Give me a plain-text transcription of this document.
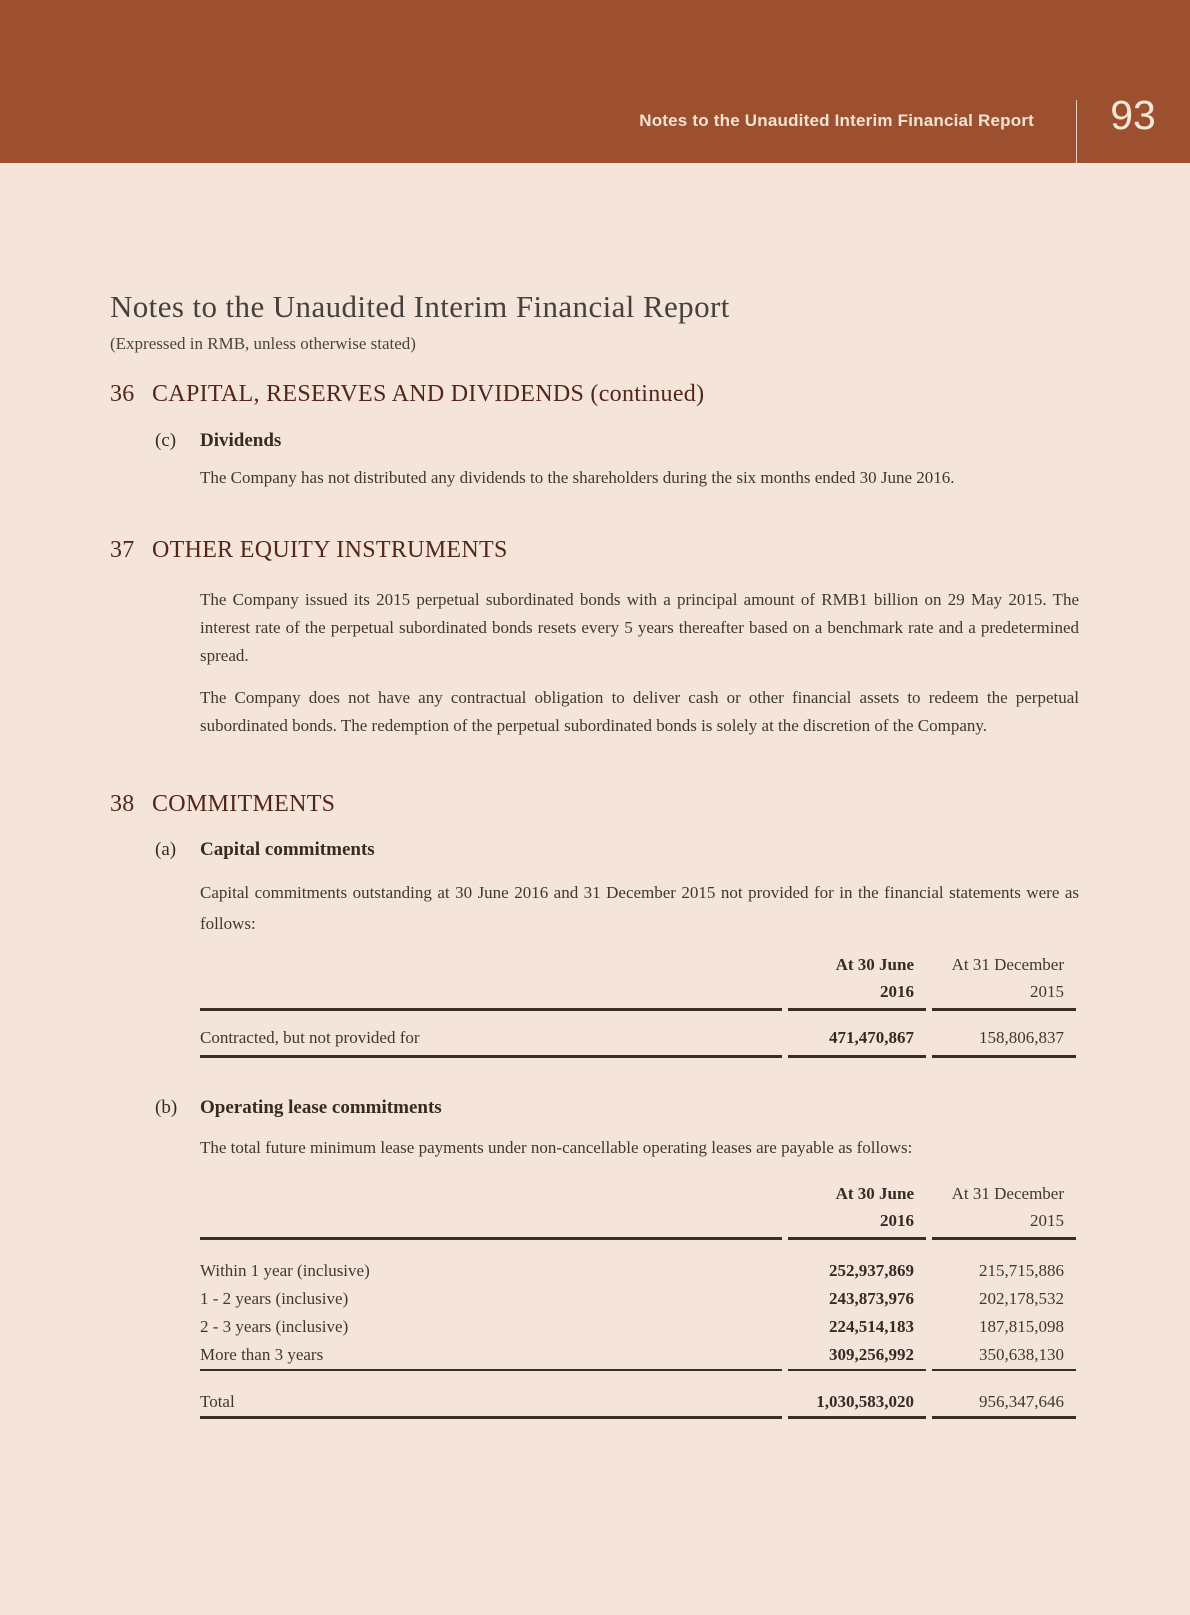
Notes to the Unaudited Interim Financial Report	93
Notes to the Unaudited Interim Financial Report
(Expressed in RMB, unless otherwise stated)
36 CAPITAL, RESERVES AND DIVIDENDS (continued)
(c)	Dividends
The Company has not distributed any dividends to the shareholders during the six months ended 30 June 2016.
37 OTHER EQUITY INSTRUMENTS
The Company issued its 2015 perpetual subordinated bonds with a principal amount of RMB1 billion on 29 May 2015. The interest rate of the perpetual subordinated bonds resets every 5 years thereafter based on a benchmark rate and a predetermined spread.
The Company does not have any contractual obligation to deliver cash or other financial assets to redeem the perpetual subordinated bonds. The redemption of the perpetual subordinated bonds is solely at the discretion of the Company.
38 COMMITMENTS
(a)	Capital commitments
Capital commitments outstanding at 30 June 2016 and 31 December 2015 not provided for in the financial statements were as follows:
At 30 June
2016
At 31 December
2015
Contracted, but not provided for	471,470,867	158,806,837
(b)	Operating lease commitments
The total future minimum lease payments under non-cancellable operating leases are payable as follows:
At 30 June
2016
At 31 December
2015
Within 1 year (inclusive)	252,937,869	215,715,886
1 - 2 years (inclusive)	243,873,976	202,178,532
2 - 3 years (inclusive)	224,514,183	187,815,098
More than 3 years	309,256,992	350,638,130
Total	1,030,583,020	956,347,646
